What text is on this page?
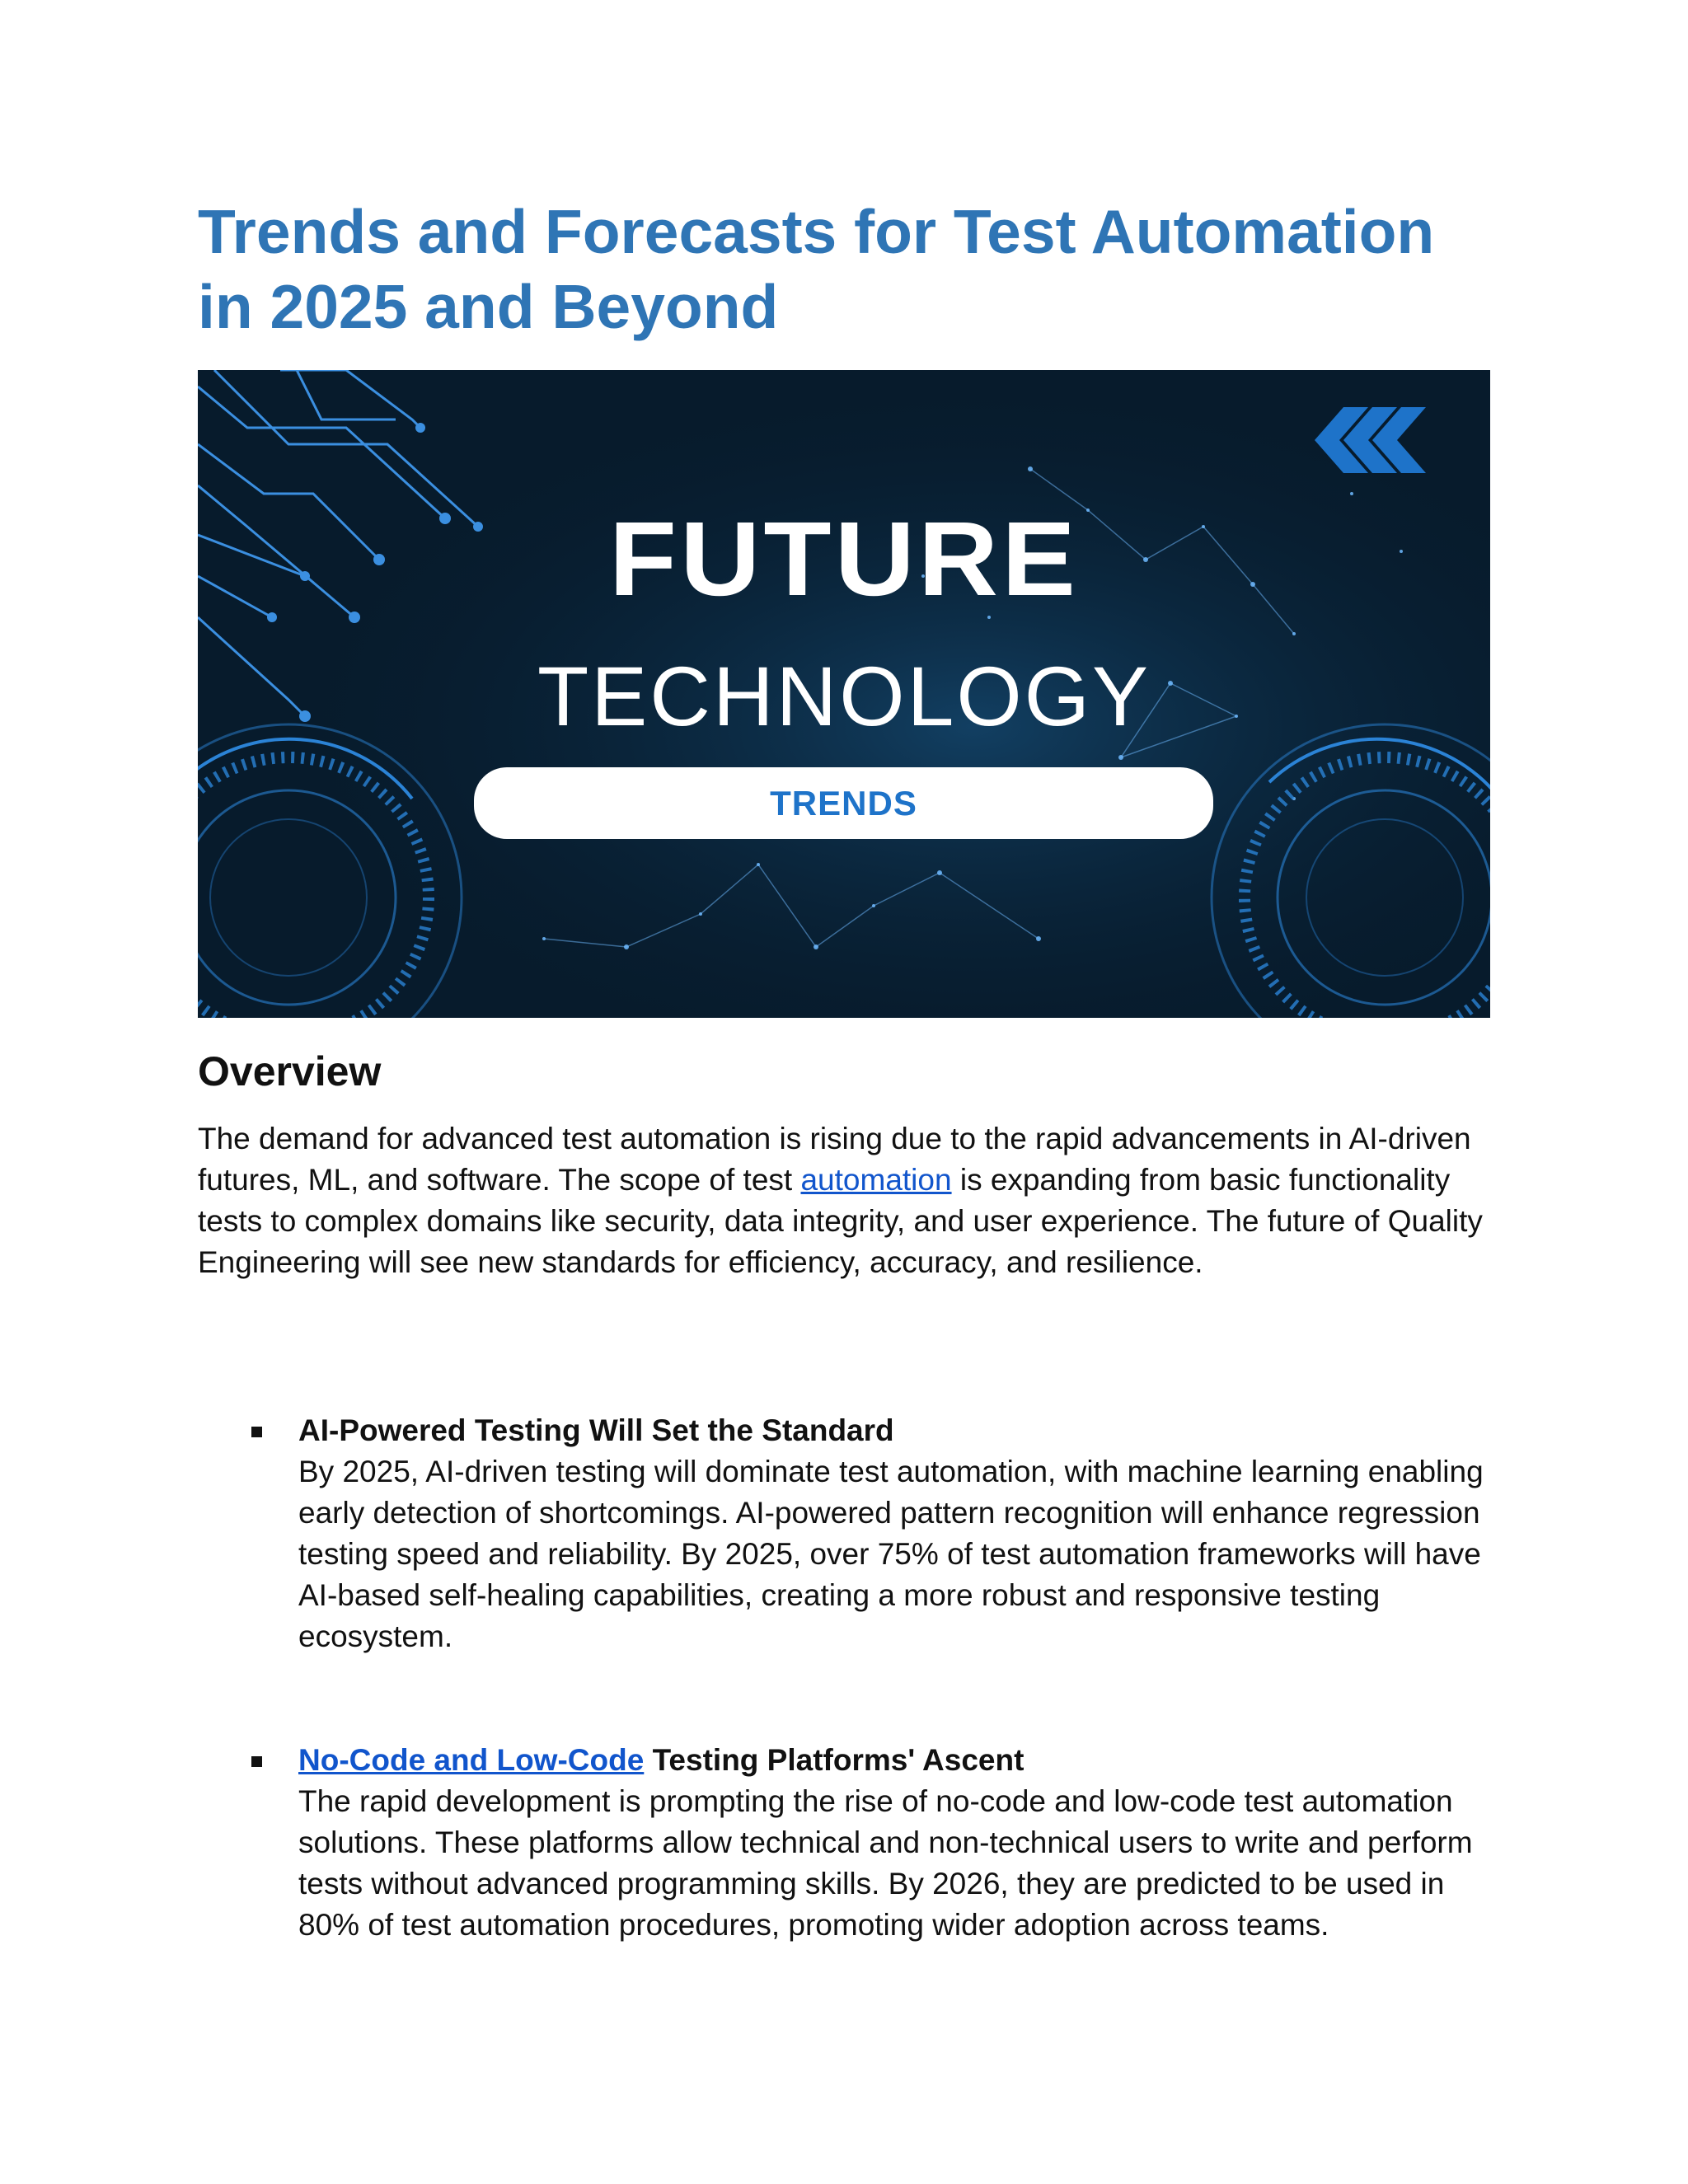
Trends and Forecasts for Test Automation in 2025 and Beyond
FUTURE
TECHNOLOGY
TRENDS
Overview

The demand for advanced test automation is rising due to the rapid advancements in AI-driven futures, ML, and software. The scope of test automation is expanding from basic functionality tests to complex domains like security, data integrity, and user experience. The future of Quality Engineering will see new standards for efficiency, accuracy, and resilience.

AI-Powered Testing Will Set the Standard
By 2025, AI-driven testing will dominate test automation, with machine learning enabling early detection of shortcomings. AI-powered pattern recognition will enhance regression testing speed and reliability. By 2025, over 75% of test automation frameworks will have AI-based self-healing capabilities, creating a more robust and responsive testing ecosystem.
No-Code and Low-Code Testing Platforms' Ascent
The rapid development is prompting the rise of no-code and low-code test automation solutions. These platforms allow technical and non-technical users to write and perform tests without advanced programming skills. By 2026, they are predicted to be used in 80% of test automation procedures, promoting wider adoption across teams.
